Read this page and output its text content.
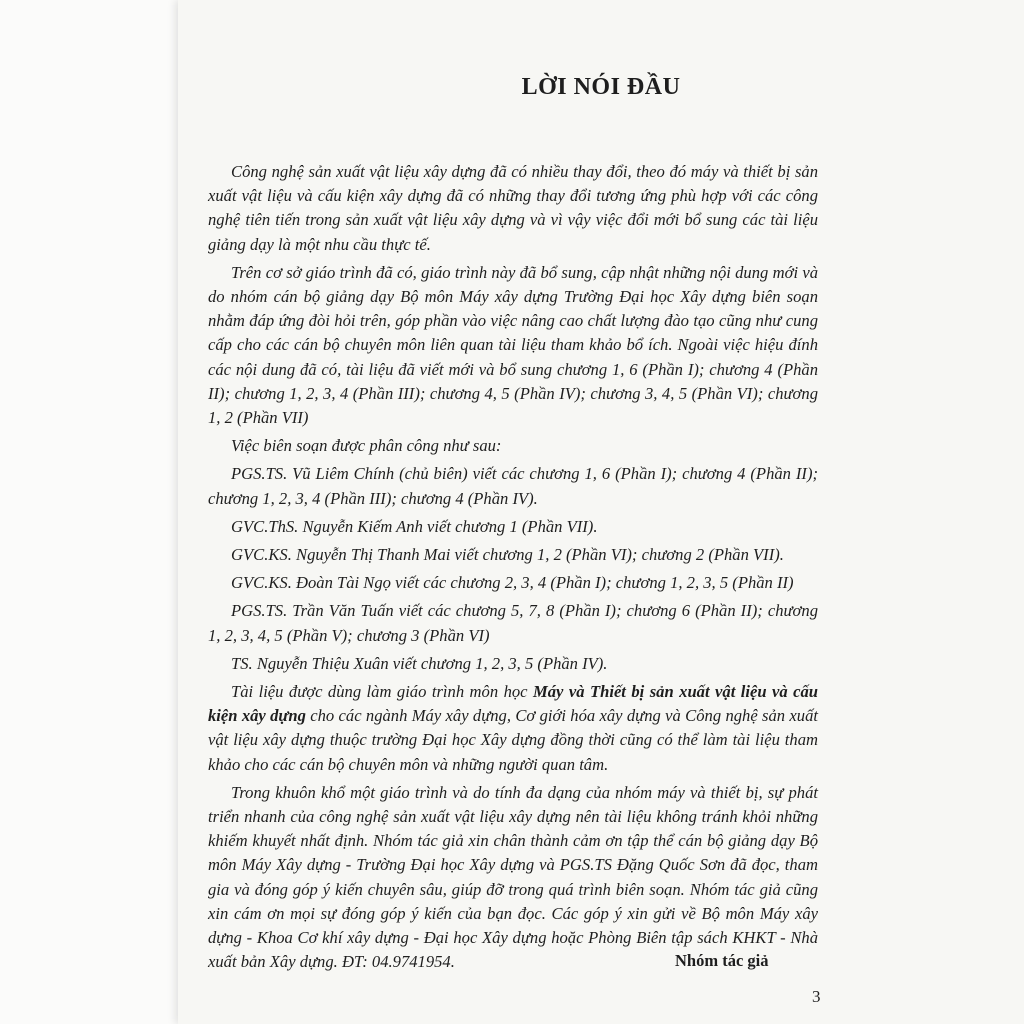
LỜI NÓI ĐẦU

Công nghệ sản xuất vật liệu xây dựng đã có nhiều thay đổi, theo đó máy và thiết bị sản xuất vật liệu và cấu kiện xây dựng đã có những thay đổi tương ứng phù hợp với các công nghệ tiên tiến trong sản xuất vật liệu xây dựng và vì vậy việc đổi mới bổ sung các tài liệu giảng dạy là một nhu cầu thực tế.

Trên cơ sở giáo trình đã có, giáo trình này đã bổ sung, cập nhật những nội dung mới và do nhóm cán bộ giảng dạy Bộ môn Máy xây dựng Trường Đại học Xây dựng biên soạn nhằm đáp ứng đòi hỏi trên, góp phần vào việc nâng cao chất lượng đào tạo cũng như cung cấp cho các cán bộ chuyên môn liên quan tài liệu tham khảo bổ ích. Ngoài việc hiệu đính các nội dung đã có, tài liệu đã viết mới và bổ sung chương 1, 6 (Phần I); chương 4 (Phần II); chương 1, 2, 3, 4 (Phần III); chương 4, 5 (Phần IV); chương 3, 4, 5 (Phần VI); chương 1, 2 (Phần VII)

Việc biên soạn được phân công như sau:

PGS.TS. Vũ Liêm Chính (chủ biên) viết các chương 1, 6 (Phần I); chương 4 (Phần II); chương 1, 2, 3, 4 (Phần III); chương 4 (Phần IV).

GVC.ThS. Nguyễn Kiếm Anh viết chương 1 (Phần VII).

GVC.KS. Nguyễn Thị Thanh Mai viết chương 1, 2 (Phần VI); chương 2 (Phần VII).

GVC.KS. Đoàn Tài Ngọ viết các chương 2, 3, 4 (Phần I); chương 1, 2, 3, 5 (Phần II)

PGS.TS. Trần Văn Tuấn viết các chương 5, 7, 8 (Phần I); chương 6 (Phần II); chương 1, 2, 3, 4, 5 (Phần V); chương 3 (Phần VI)

TS. Nguyễn Thiệu Xuân viết chương 1, 2, 3, 5 (Phần IV).

Tài liệu được dùng làm giáo trình môn học Máy và Thiết bị sản xuất vật liệu và cấu kiện xây dựng cho các ngành Máy xây dựng, Cơ giới hóa xây dựng và Công nghệ sản xuất vật liệu xây dựng thuộc trường Đại học Xây dựng đồng thời cũng có thể làm tài liệu tham khảo cho các cán bộ chuyên môn và những người quan tâm.

Trong khuôn khổ một giáo trình và do tính đa dạng của nhóm máy và thiết bị, sự phát triển nhanh của công nghệ sản xuất vật liệu xây dựng nên tài liệu không tránh khỏi những khiếm khuyết nhất định. Nhóm tác giả xin chân thành cảm ơn tập thể cán bộ giảng dạy Bộ môn Máy Xây dựng - Trường Đại học Xây dựng và PGS.TS Đặng Quốc Sơn đã đọc, tham gia và đóng góp ý kiến chuyên sâu, giúp đỡ trong quá trình biên soạn. Nhóm tác giả cũng xin cám ơn mọi sự đóng góp ý kiến của bạn đọc. Các góp ý xin gửi về Bộ môn Máy xây dựng - Khoa Cơ khí xây dựng - Đại học Xây dựng hoặc Phòng Biên tập sách KHKT - Nhà xuất bản Xây dựng. ĐT: 04.9741954.	Nhóm tác giả
3
